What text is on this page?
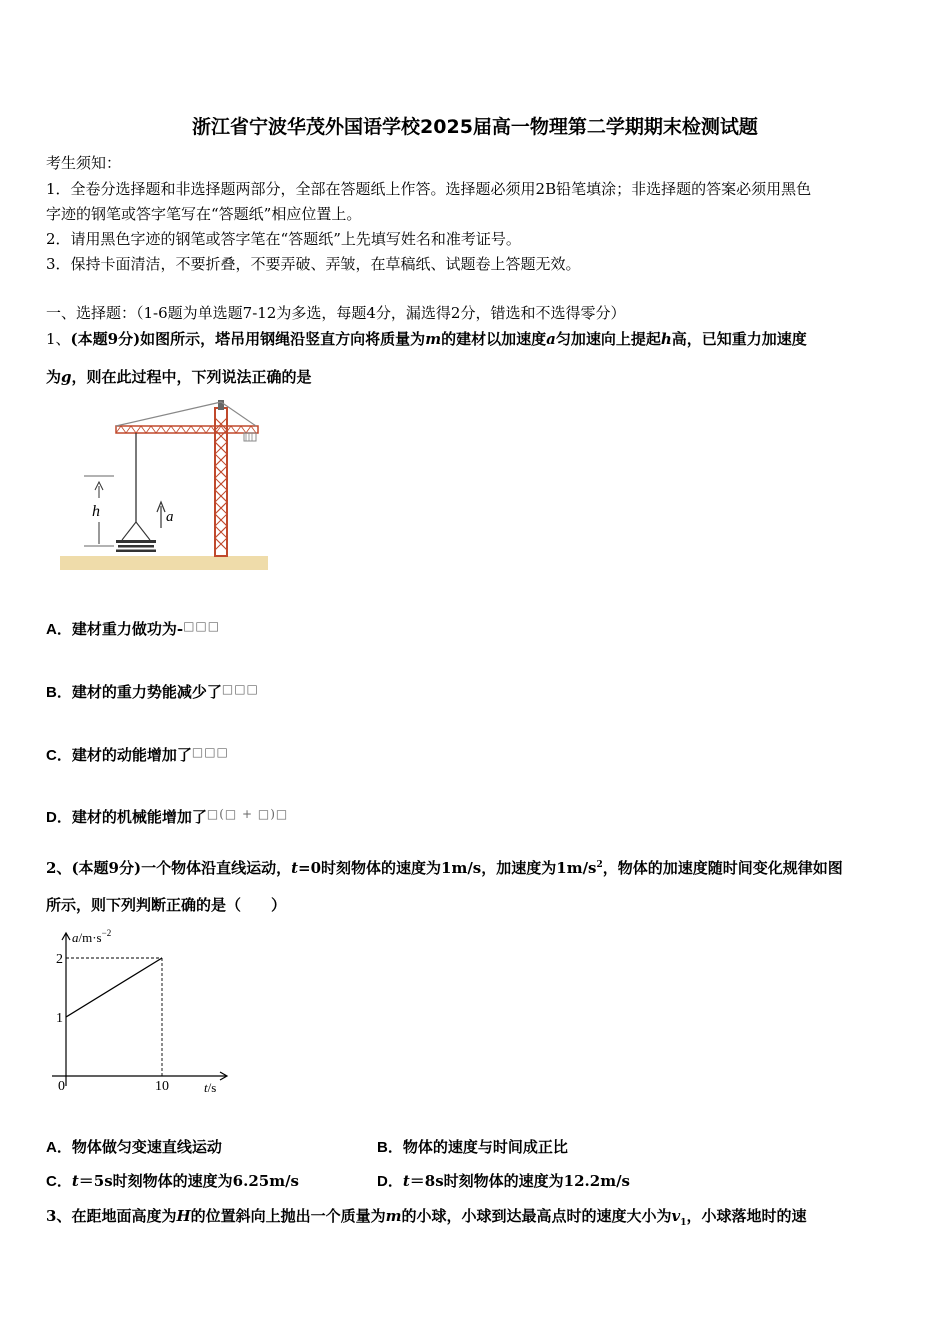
浙江省宁波华茂外国语学校2025届高一物理第二学期期末检测试题
考生须知：
1．全卷分选择题和非选择题两部分，全部在答题纸上作答。选择题必须用2B铅笔填涂；非选择题的答案必须用黑色
字迹的钢笔或答字笔写在“答题纸”相应位置上。
2．请用黑色字迹的钢笔或答字笔在“答题纸”上先填写姓名和准考证号。
3．保持卡面清洁，不要折叠，不要弄破、弄皱，在草稿纸、试题卷上答题无效。
一、选择题：（1-6题为单选题7-12为多选，每题4分，漏选得2分，错选和不选得零分）
1、(本题9分)如图所示，塔吊用钢绳沿竖直方向将质量为m的建材以加速度a匀加速向上提起h高，已知重力加速度
为g，则在此过程中，下列说法正确的是
h	a
A．建材重力做功为-□□□
B．建材的重力势能减少了□□□
C．建材的动能增加了□□□
D．建材的机械能增加了□(□ + □)□
2、(本题9分)一个物体沿直线运动，t=0时刻物体的速度为1m/s，加速度为$1m/s^2$，物体的加速度随时间变化规律如图
所示，则下列判断正确的是（　　）
2
1
0	10
$a/m\cdot s^{-2}$
t/s
A．物体做匀变速直线运动	B．物体的速度与时间成正比
C．t＝5s时刻物体的速度为6.25m/s	D．t＝8s时刻物体的速度为12.2m/s
3、在距地面高度为H的位置斜向上抛出一个质量为m的小球，小球到达最高点时的速度大小为$v_1$，小球落地时的速
